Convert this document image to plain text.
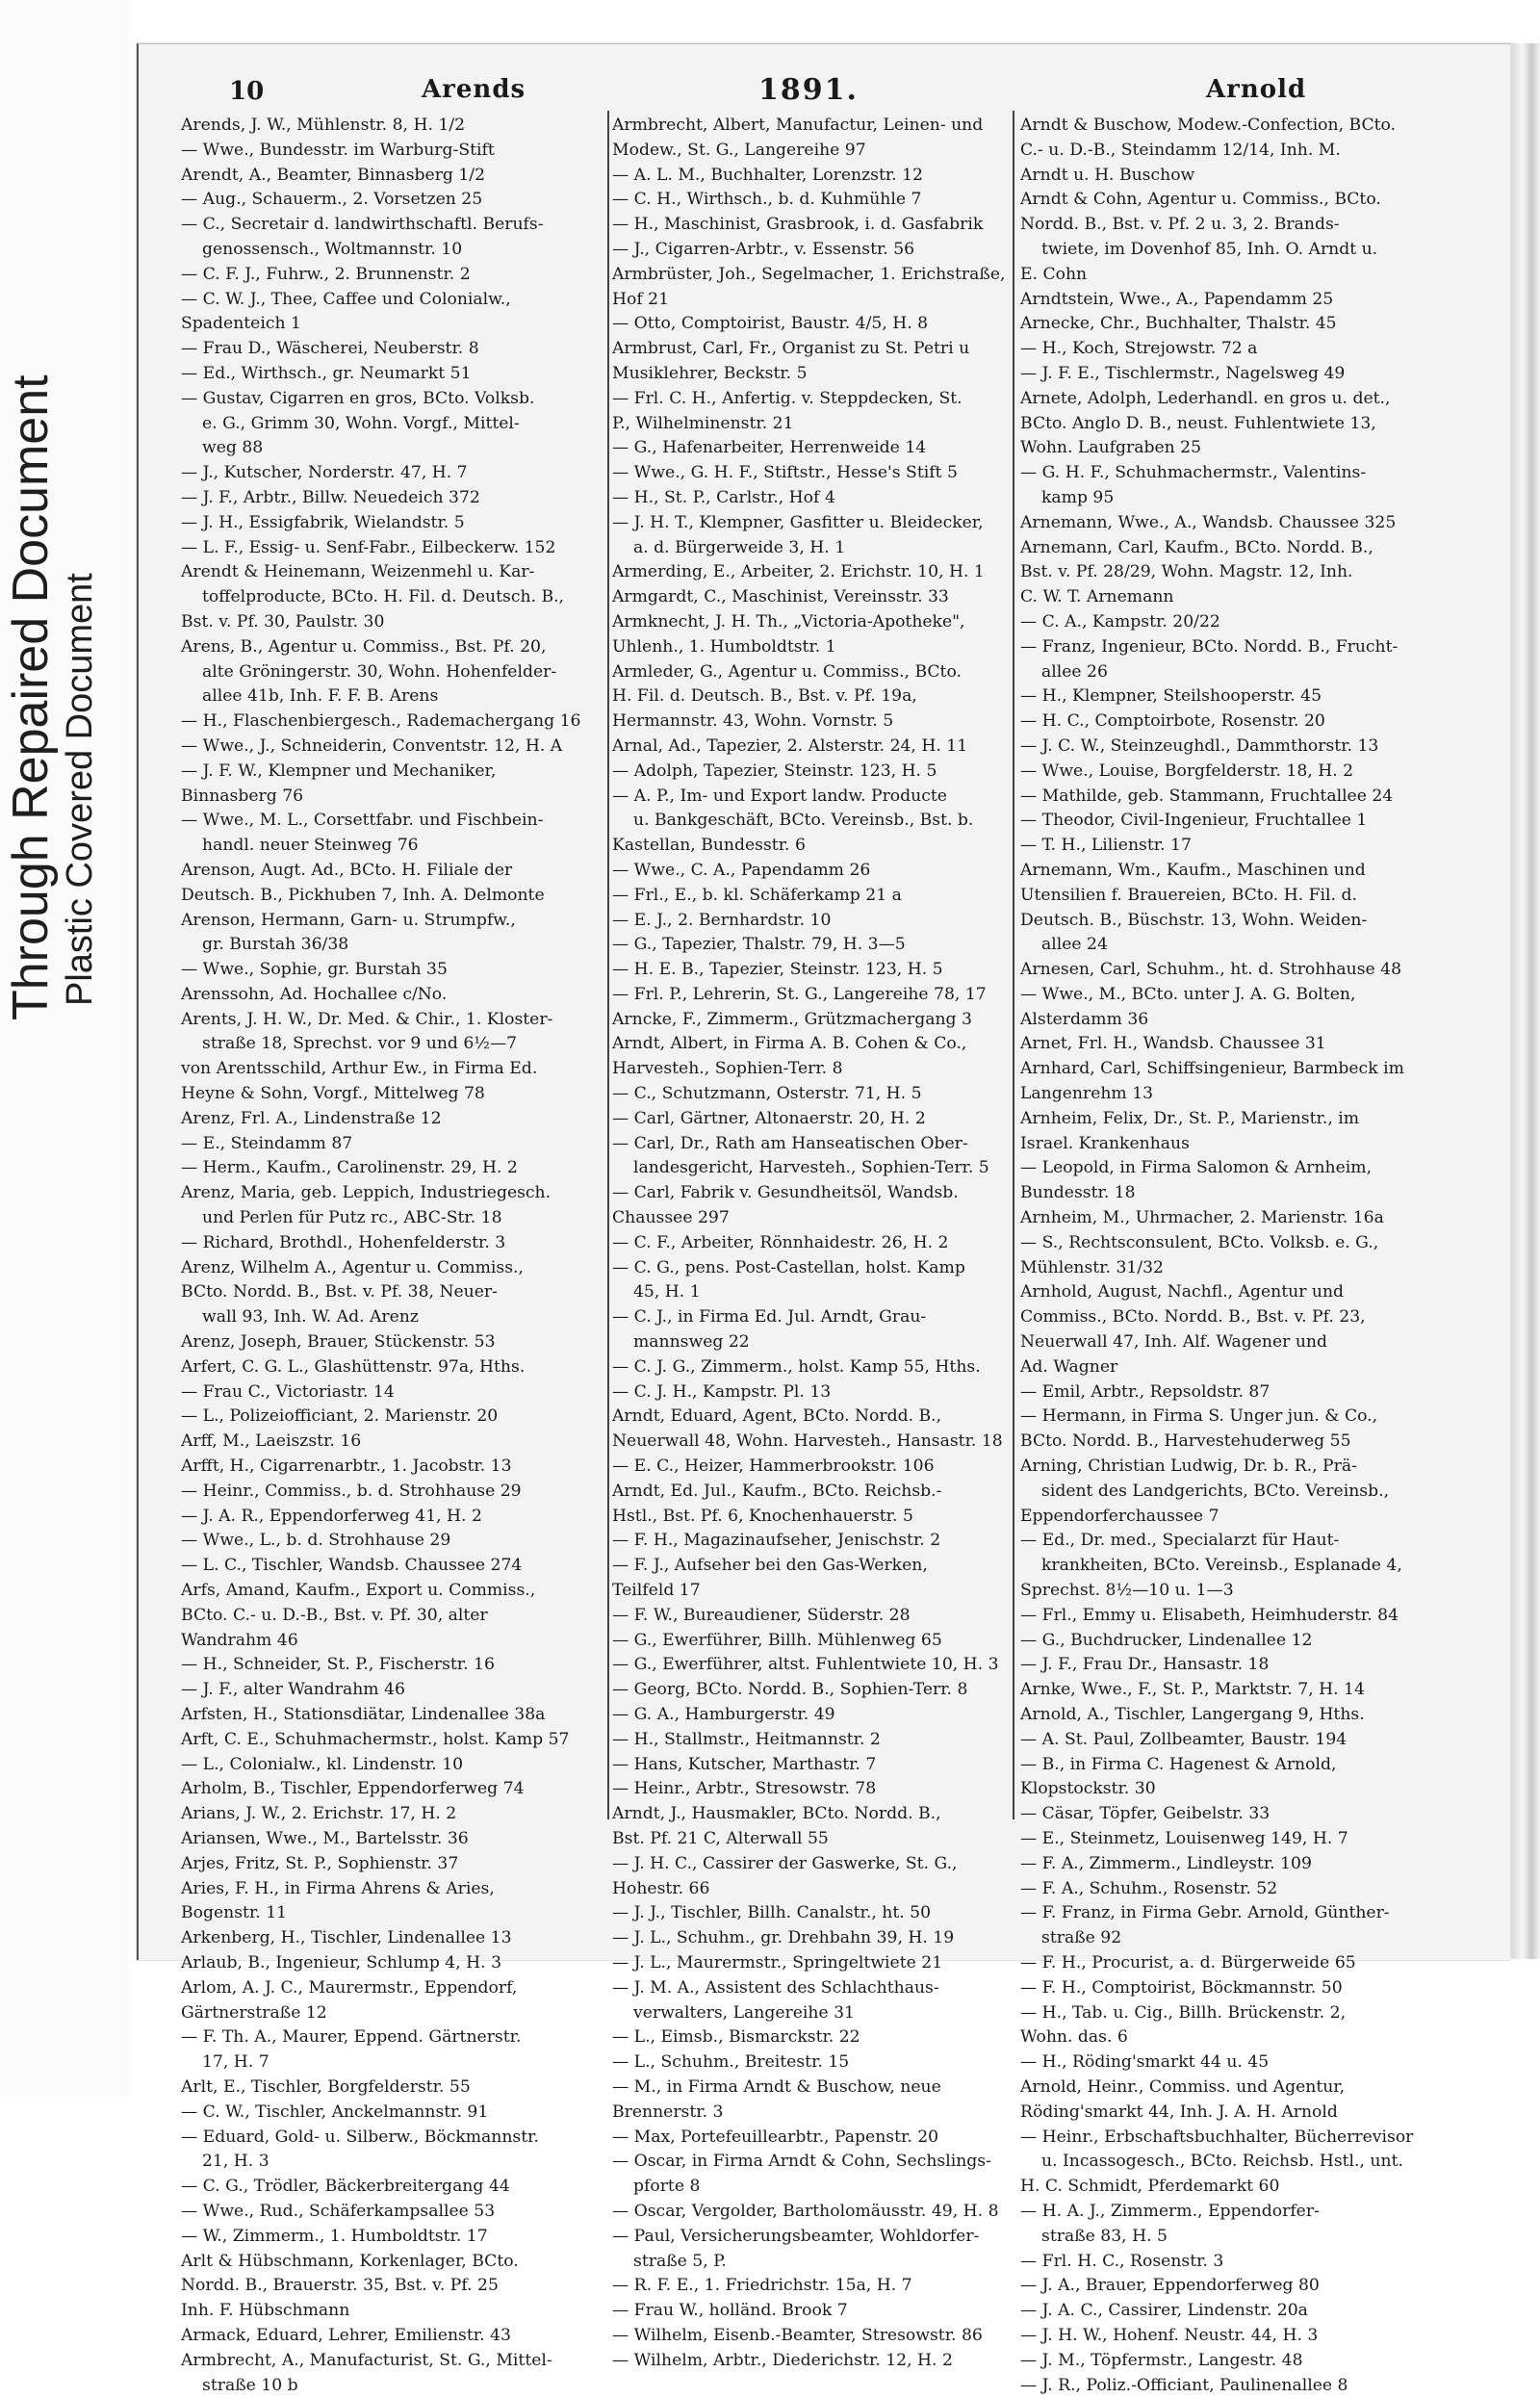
Through Repaired Document Plastic Covered Document
10	Arends	1891.	Arnold
Arends, J. W., Mühlenstr. 8, H. 1/2
— Wwe., Bundesstr. im Warburg-Stift
Arendt, A., Beamter, Binnasberg 1/2
— Aug., Schauerm., 2. Vorsetzen 25
— C., Secretair d. landwirthschaftl. Berufs-
genossensch., Woltmannstr. 10
— C. F. J., Fuhrw., 2. Brunnenstr. 2
— C. W. J., Thee, Caffee und Colonialw.,
Spadenteich 1
— Frau D., Wäscherei, Neuberstr. 8
— Ed., Wirthsch., gr. Neumarkt 51
— Gustav, Cigarren en gros, BCto. Volksb.
e. G., Grimm 30, Wohn. Vorgf., Mittel-
weg 88
— J., Kutscher, Norderstr. 47, H. 7
— J. F., Arbtr., Billw. Neuedeich 372
— J. H., Essigfabrik, Wielandstr. 5
— L. F., Essig- u. Senf-Fabr., Eilbeckerw. 152
Arendt & Heinemann, Weizenmehl u. Kar-
toffelproducte, BCto. H. Fil. d. Deutsch. B.,
Bst. v. Pf. 30, Paulstr. 30
Arens, B., Agentur u. Commiss., Bst. Pf. 20,
alte Gröningerstr. 30, Wohn. Hohenfelder-
allee 41b, Inh. F. F. B. Arens
— H., Flaschenbiergesch., Rademachergang 16
— Wwe., J., Schneiderin, Conventstr. 12, H. A
— J. F. W., Klempner und Mechaniker,
Binnasberg 76
— Wwe., M. L., Corsettfabr. und Fischbein-
handl. neuer Steinweg 76
Arenson, Augt. Ad., BCto. H. Filiale der
Deutsch. B., Pickhuben 7, Inh. A. Delmonte
Arenson, Hermann, Garn- u. Strumpfw.,
gr. Burstah 36/38
— Wwe., Sophie, gr. Burstah 35
Arenssohn, Ad. Hochallee c/No.
Arents, J. H. W., Dr. Med. & Chir., 1. Kloster-
straße 18, Sprechst. vor 9 und 6½—7
von Arentsschild, Arthur Ew., in Firma Ed.
Heyne & Sohn, Vorgf., Mittelweg 78
Arenz, Frl. A., Lindenstraße 12
— E., Steindamm 87
— Herm., Kaufm., Carolinenstr. 29, H. 2
Arenz, Maria, geb. Leppich, Industriegesch.
und Perlen für Putz rc., ABC-Str. 18
— Richard, Brothdl., Hohenfelderstr. 3
Arenz, Wilhelm A., Agentur u. Commiss.,
BCto. Nordd. B., Bst. v. Pf. 38, Neuer-
wall 93, Inh. W. Ad. Arenz
Arenz, Joseph, Brauer, Stückenstr. 53
Arfert, C. G. L., Glashüttenstr. 97a, Hths.
— Frau C., Victoriastr. 14
— L., Polizeiofficiant, 2. Marienstr. 20
Arff, M., Laeiszstr. 16
Arfft, H., Cigarrenarbtr., 1. Jacobstr. 13
— Heinr., Commiss., b. d. Strohhause 29
— J. A. R., Eppendorferweg 41, H. 2
— Wwe., L., b. d. Strohhause 29
— L. C., Tischler, Wandsb. Chaussee 274
Arfs, Amand, Kaufm., Export u. Commiss.,
BCto. C.- u. D.-B., Bst. v. Pf. 30, alter
Wandrahm 46
— H., Schneider, St. P., Fischerstr. 16
— J. F., alter Wandrahm 46
Arfsten, H., Stationsdiätar, Lindenallee 38a
Arft, C. E., Schuhmachermstr., holst. Kamp 57
— L., Colonialw., kl. Lindenstr. 10
Arholm, B., Tischler, Eppendorferweg 74
Arians, J. W., 2. Erichstr. 17, H. 2
Ariansen, Wwe., M., Bartelsstr. 36
Arjes, Fritz, St. P., Sophienstr. 37
Aries, F. H., in Firma Ahrens & Aries,
Bogenstr. 11
Arkenberg, H., Tischler, Lindenallee 13
Arlaub, B., Ingenieur, Schlump 4, H. 3
Arlom, A. J. C., Maurermstr., Eppendorf,
Gärtnerstraße 12
— F. Th. A., Maurer, Eppend. Gärtnerstr.
17, H. 7
Arlt, E., Tischler, Borgfelderstr. 55
— C. W., Tischler, Anckelmannstr. 91
— Eduard, Gold- u. Silberw., Böckmannstr.
21, H. 3
— C. G., Trödler, Bäckerbreitergang 44
— Wwe., Rud., Schäferkampsallee 53
— W., Zimmerm., 1. Humboldtstr. 17
Arlt & Hübschmann, Korkenlager, BCto.
Nordd. B., Brauerstr. 35, Bst. v. Pf. 25
Inh. F. Hübschmann
Armack, Eduard, Lehrer, Emilienstr. 43
Armbrecht, A., Manufacturist, St. G., Mittel-
straße 10 b
Armbrecht, Albert, Manufactur, Leinen- und
Modew., St. G., Langereihe 97
— A. L. M., Buchhalter, Lorenzstr. 12
— C. H., Wirthsch., b. d. Kuhmühle 7
— H., Maschinist, Grasbrook, i. d. Gasfabrik
— J., Cigarren-Arbtr., v. Essenstr. 56
Armbrüster, Joh., Segelmacher, 1. Erichstraße,
Hof 21
— Otto, Comptoirist, Baustr. 4/5, H. 8
Armbrust, Carl, Fr., Organist zu St. Petri u
Musiklehrer, Beckstr. 5
— Frl. C. H., Anfertig. v. Steppdecken, St.
P., Wilhelminenstr. 21
— G., Hafenarbeiter, Herrenweide 14
— Wwe., G. H. F., Stiftstr., Hesse's Stift 5
— H., St. P., Carlstr., Hof 4
— J. H. T., Klempner, Gasfitter u. Bleidecker,
a. d. Bürgerweide 3, H. 1
Armerding, E., Arbeiter, 2. Erichstr. 10, H. 1
Armgardt, C., Maschinist, Vereinsstr. 33
Armknecht, J. H. Th., „Victoria-Apotheke",
Uhlenh., 1. Humboldtstr. 1
Armleder, G., Agentur u. Commiss., BCto.
H. Fil. d. Deutsch. B., Bst. v. Pf. 19a,
Hermannstr. 43, Wohn. Vornstr. 5
Arnal, Ad., Tapezier, 2. Alsterstr. 24, H. 11
— Adolph, Tapezier, Steinstr. 123, H. 5
— A. P., Im- und Export landw. Producte
u. Bankgeschäft, BCto. Vereinsb., Bst. b.
Kastellan, Bundesstr. 6
— Wwe., C. A., Papendamm 26
— Frl., E., b. kl. Schäferkamp 21 a
— E. J., 2. Bernhardstr. 10
— G., Tapezier, Thalstr. 79, H. 3—5
— H. E. B., Tapezier, Steinstr. 123, H. 5
— Frl. P., Lehrerin, St. G., Langereihe 78, 17
Arncke, F., Zimmerm., Grützmachergang 3
Arndt, Albert, in Firma A. B. Cohen & Co.,
Harvesteh., Sophien-Terr. 8
— C., Schutzmann, Osterstr. 71, H. 5
— Carl, Gärtner, Altonaerstr. 20, H. 2
— Carl, Dr., Rath am Hanseatischen Ober-
landesgericht, Harvesteh., Sophien-Terr. 5
— Carl, Fabrik v. Gesundheitsöl, Wandsb.
Chaussee 297
— C. F., Arbeiter, Rönnhaidestr. 26, H. 2
— C. G., pens. Post-Castellan, holst. Kamp
45, H. 1
— C. J., in Firma Ed. Jul. Arndt, Grau-
mannsweg 22
— C. J. G., Zimmerm., holst. Kamp 55, Hths.
— C. J. H., Kampstr. Pl. 13
Arndt, Eduard, Agent, BCto. Nordd. B.,
Neuerwall 48, Wohn. Harvesteh., Hansastr. 18
— E. C., Heizer, Hammerbrookstr. 106
Arndt, Ed. Jul., Kaufm., BCto. Reichsb.-
Hstl., Bst. Pf. 6, Knochenhauerstr. 5
— F. H., Magazinaufseher, Jenischstr. 2
— F. J., Aufseher bei den Gas-Werken,
Teilfeld 17
— F. W., Bureaudiener, Süderstr. 28
— G., Ewerführer, Billh. Mühlenweg 65
— G., Ewerführer, altst. Fuhlentwiete 10, H. 3
— Georg, BCto. Nordd. B., Sophien-Terr. 8
— G. A., Hamburgerstr. 49
— H., Stallmstr., Heitmannstr. 2
— Hans, Kutscher, Marthastr. 7
— Heinr., Arbtr., Stresowstr. 78
Arndt, J., Hausmakler, BCto. Nordd. B.,
Bst. Pf. 21 C, Alterwall 55
— J. H. C., Cassirer der Gaswerke, St. G.,
Hohestr. 66
— J. J., Tischler, Billh. Canalstr., ht. 50
— J. L., Schuhm., gr. Drehbahn 39, H. 19
— J. L., Maurermstr., Springeltwiete 21
— J. M. A., Assistent des Schlachthaus-
verwalters, Langereihe 31
— L., Eimsb., Bismarckstr. 22
— L., Schuhm., Breitestr. 15
— M., in Firma Arndt & Buschow, neue
Brennerstr. 3
— Max, Portefeuillearbtr., Papenstr. 20
— Oscar, in Firma Arndt & Cohn, Sechslings-
pforte 8
— Oscar, Vergolder, Bartholomäusstr. 49, H. 8
— Paul, Versicherungsbeamter, Wohldorfer-
straße 5, P.
— R. F. E., 1. Friedrichstr. 15a, H. 7
— Frau W., holländ. Brook 7
— Wilhelm, Eisenb.-Beamter, Stresowstr. 86
— Wilhelm, Arbtr., Diederichstr. 12, H. 2
Arndt & Buschow, Modew.-Confection, BCto.
C.- u. D.-B., Steindamm 12/14, Inh. M.
Arndt u. H. Buschow
Arndt & Cohn, Agentur u. Commiss., BCto.
Nordd. B., Bst. v. Pf. 2 u. 3, 2. Brands-
twiete, im Dovenhof 85, Inh. O. Arndt u.
E. Cohn
Arndtstein, Wwe., A., Papendamm 25
Arnecke, Chr., Buchhalter, Thalstr. 45
— H., Koch, Strejowstr. 72 a
— J. F. E., Tischlermstr., Nagelsweg 49
Arnete, Adolph, Lederhandl. en gros u. det.,
BCto. Anglo D. B., neust. Fuhlentwiete 13,
Wohn. Laufgraben 25
— G. H. F., Schuhmachermstr., Valentins-
kamp 95
Arnemann, Wwe., A., Wandsb. Chaussee 325
Arnemann, Carl, Kaufm., BCto. Nordd. B.,
Bst. v. Pf. 28/29, Wohn. Magstr. 12, Inh.
C. W. T. Arnemann
— C. A., Kampstr. 20/22
— Franz, Ingenieur, BCto. Nordd. B., Frucht-
allee 26
— H., Klempner, Steilshooperstr. 45
— H. C., Comptoirbote, Rosenstr. 20
— J. C. W., Steinzeughdl., Dammthorstr. 13
— Wwe., Louise, Borgfelderstr. 18, H. 2
— Mathilde, geb. Stammann, Fruchtallee 24
— Theodor, Civil-Ingenieur, Fruchtallee 1
— T. H., Lilienstr. 17
Arnemann, Wm., Kaufm., Maschinen und
Utensilien f. Brauereien, BCto. H. Fil. d.
Deutsch. B., Büschstr. 13, Wohn. Weiden-
allee 24
Arnesen, Carl, Schuhm., ht. d. Strohhause 48
— Wwe., M., BCto. unter J. A. G. Bolten,
Alsterdamm 36
Arnet, Frl. H., Wandsb. Chaussee 31
Arnhard, Carl, Schiffsingenieur, Barmbeck im
Langenrehm 13
Arnheim, Felix, Dr., St. P., Marienstr., im
Israel. Krankenhaus
— Leopold, in Firma Salomon & Arnheim,
Bundesstr. 18
Arnheim, M., Uhrmacher, 2. Marienstr. 16a
— S., Rechtsconsulent, BCto. Volksb. e. G.,
Mühlenstr. 31/32
Arnhold, August, Nachfl., Agentur und
Commiss., BCto. Nordd. B., Bst. v. Pf. 23,
Neuerwall 47, Inh. Alf. Wagener und
Ad. Wagner
— Emil, Arbtr., Repsoldstr. 87
— Hermann, in Firma S. Unger jun. & Co.,
BCto. Nordd. B., Harvestehuderweg 55
Arning, Christian Ludwig, Dr. b. R., Prä-
sident des Landgerichts, BCto. Vereinsb.,
Eppendorferchaussee 7
— Ed., Dr. med., Specialarzt für Haut-
krankheiten, BCto. Vereinsb., Esplanade 4,
Sprechst. 8½—10 u. 1—3
— Frl., Emmy u. Elisabeth, Heimhuderstr. 84
— G., Buchdrucker, Lindenallee 12
— J. F., Frau Dr., Hansastr. 18
Arnke, Wwe., F., St. P., Marktstr. 7, H. 14
Arnold, A., Tischler, Langergang 9, Hths.
— A. St. Paul, Zollbeamter, Baustr. 194
— B., in Firma C. Hagenest & Arnold,
Klopstockstr. 30
— Cäsar, Töpfer, Geibelstr. 33
— E., Steinmetz, Louisenweg 149, H. 7
— F. A., Zimmerm., Lindleystr. 109
— F. A., Schuhm., Rosenstr. 52
— F. Franz, in Firma Gebr. Arnold, Günther-
straße 92
— F. H., Procurist, a. d. Bürgerweide 65
— F. H., Comptoirist, Böckmannstr. 50
— H., Tab. u. Cig., Billh. Brückenstr. 2,
Wohn. das. 6
— H., Röding'smarkt 44 u. 45
Arnold, Heinr., Commiss. und Agentur,
Röding'smarkt 44, Inh. J. A. H. Arnold
— Heinr., Erbschaftsbuchhalter, Bücherrevisor
u. Incassogesch., BCto. Reichsb. Hstl., unt.
H. C. Schmidt, Pferdemarkt 60
— H. A. J., Zimmerm., Eppendorfer-
straße 83, H. 5
— Frl. H. C., Rosenstr. 3
— J. A., Brauer, Eppendorferweg 80
— J. A. C., Cassirer, Lindenstr. 20a
— J. H. W., Hohenf. Neustr. 44, H. 3
— J. M., Töpfermstr., Langestr. 48
— J. R., Poliz.-Officiant, Paulinenallee 8
